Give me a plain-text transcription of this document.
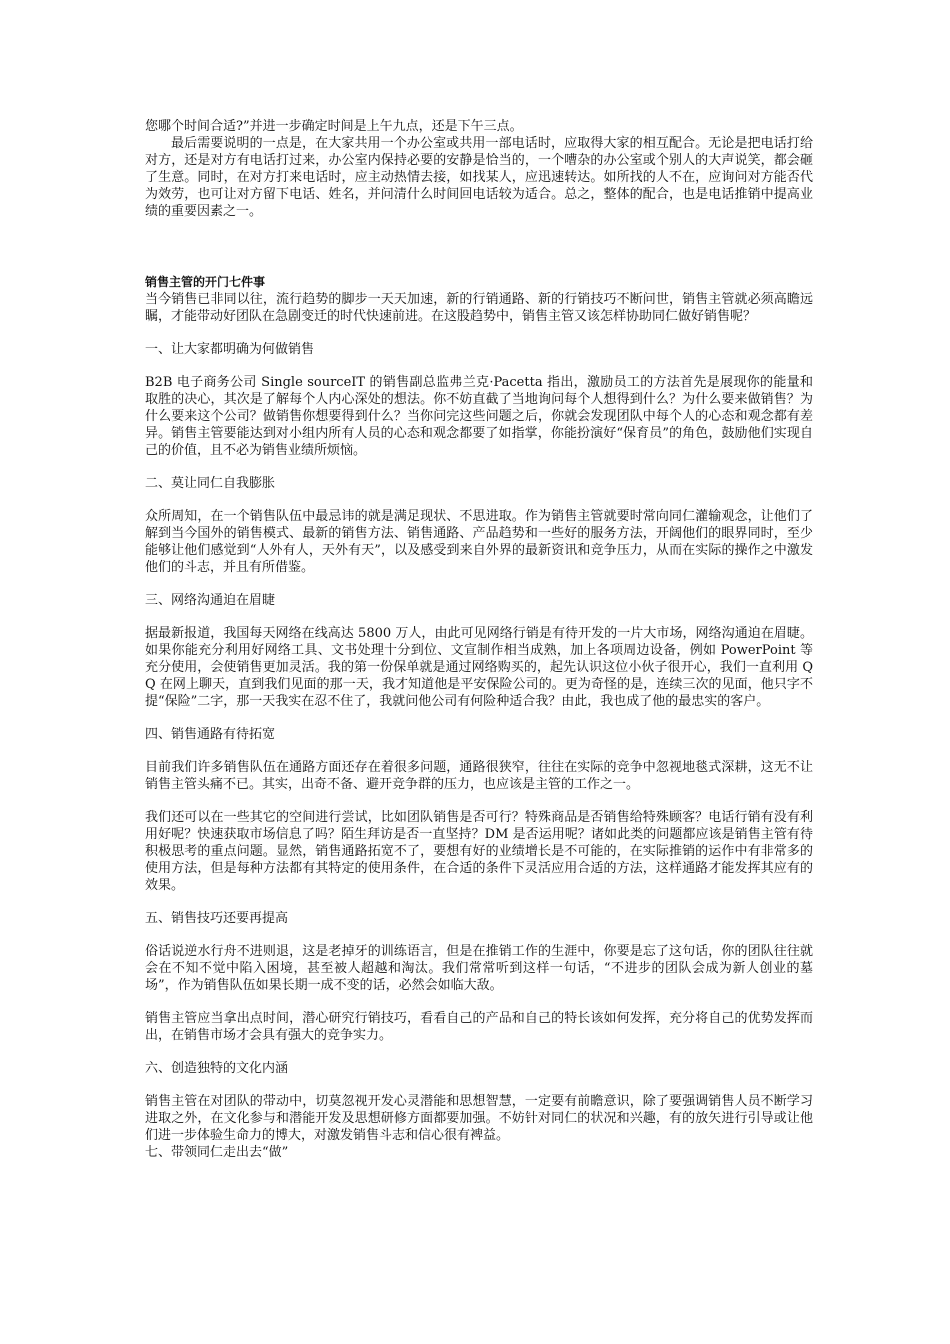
您哪个时间合适?”并进一步确定时间是上午九点，还是下午三点。

最后需要说明的一点是，在大家共用一个办公室或共用一部电话时，应取得大家的相互配合。无论是把电话打给对方，还是对方有电话打过来，办公室内保持必要的安静是恰当的，一个嘈杂的办公室或个别人的大声说笑，都会砸了生意。同时，在对方打来电话时，应主动热情去接，如找某人，应迅速转达。如所找的人不在，应询问对方能否代为效劳，也可让对方留下电话、姓名，并问清什么时间回电话较为适合。总之，整体的配合，也是电话推销中提高业绩的重要因素之一。

销售主管的开门七件事

当今销售已非同以往，流行趋势的脚步一天天加速，新的行销通路、新的行销技巧不断问世，销售主管就必须高瞻远瞩，才能带动好团队在急剧变迁的时代快速前进。在这股趋势中，销售主管又该怎样协助同仁做好销售呢？

一、让大家都明确为何做销售

B2B 电子商务公司 Single sourceIT 的销售副总监弗兰克·Pacetta 指出，激励员工的方法首先是展现你的能量和取胜的决心，其次是了解每个人内心深处的想法。你不妨直截了当地询问每个人想得到什么？为什么要来做销售？为什么要来这个公司？做销售你想要得到什么？当你问完这些问题之后，你就会发现团队中每个人的心态和观念都有差异。销售主管要能达到对小组内所有人员的心态和观念都要了如指掌，你能扮演好“保育员”的角色，鼓励他们实现自己的价值，且不必为销售业绩所烦恼。

二、莫让同仁自我膨胀

众所周知，在一个销售队伍中最忌讳的就是满足现状、不思进取。作为销售主管就要时常向同仁灌输观念，让他们了解到当今国外的销售模式、最新的销售方法、销售通路、产品趋势和一些好的服务方法，开阔他们的眼界同时，至少能够让他们感觉到“人外有人，天外有天”，以及感受到来自外界的最新资讯和竞争压力，从而在实际的操作之中激发他们的斗志，并且有所借鉴。

三、网络沟通迫在眉睫

据最新报道，我国每天网络在线高达 5800 万人，由此可见网络行销是有待开发的一片大市场，网络沟通迫在眉睫。如果你能充分利用好网络工具、文书处理十分到位、文宣制作相当成熟，加上各项周边设备，例如 PowerPoint 等充分使用，会使销售更加灵活。我的第一份保单就是通过网络购买的，起先认识这位小伙子很开心，我们一直利用 QQ 在网上聊天，直到我们见面的那一天，我才知道他是平安保险公司的。更为奇怪的是，连续三次的见面，他只字不提“保险”二字，那一天我实在忍不住了，我就问他公司有何险种适合我？由此，我也成了他的最忠实的客户。

四、销售通路有待拓宽

目前我们许多销售队伍在通路方面还存在着很多问题，通路很狭窄，往往在实际的竞争中忽视地毯式深耕，这无不让销售主管头痛不已。其实，出奇不备、避开竞争群的压力，也应该是主管的工作之一。

我们还可以在一些其它的空间进行尝试，比如团队销售是否可行？特殊商品是否销售给特殊顾客？电话行销有没有利用好呢？快速获取市场信息了吗？陌生拜访是否一直坚持？DM 是否运用呢？诸如此类的问题都应该是销售主管有待积极思考的重点问题。显然，销售通路拓宽不了，要想有好的业绩增长是不可能的，在实际推销的运作中有非常多的使用方法，但是每种方法都有其特定的使用条件，在合适的条件下灵活应用合适的方法，这样通路才能发挥其应有的效果。

五、销售技巧还要再提高

俗话说逆水行舟不进则退，这是老掉牙的训练语言，但是在推销工作的生涯中，你要是忘了这句话，你的团队往往就会在不知不觉中陷入困境，甚至被人超越和淘汰。我们常常听到这样一句话，“不进步的团队会成为新人创业的墓场”，作为销售队伍如果长期一成不变的话，必然会如临大敌。

销售主管应当拿出点时间，潜心研究行销技巧，看看自己的产品和自己的特长该如何发挥，充分将自己的优势发挥而出，在销售市场才会具有强大的竞争实力。

六、创造独特的文化内涵

销售主管在对团队的带动中，切莫忽视开发心灵潜能和思想智慧，一定要有前瞻意识，除了要强调销售人员不断学习进取之外，在文化参与和潜能开发及思想研修方面都要加强。不妨针对同仁的状况和兴趣，有的放矢进行引导或让他们进一步体验生命力的博大，对激发销售斗志和信心很有裨益。

七、带领同仁走出去“做”
